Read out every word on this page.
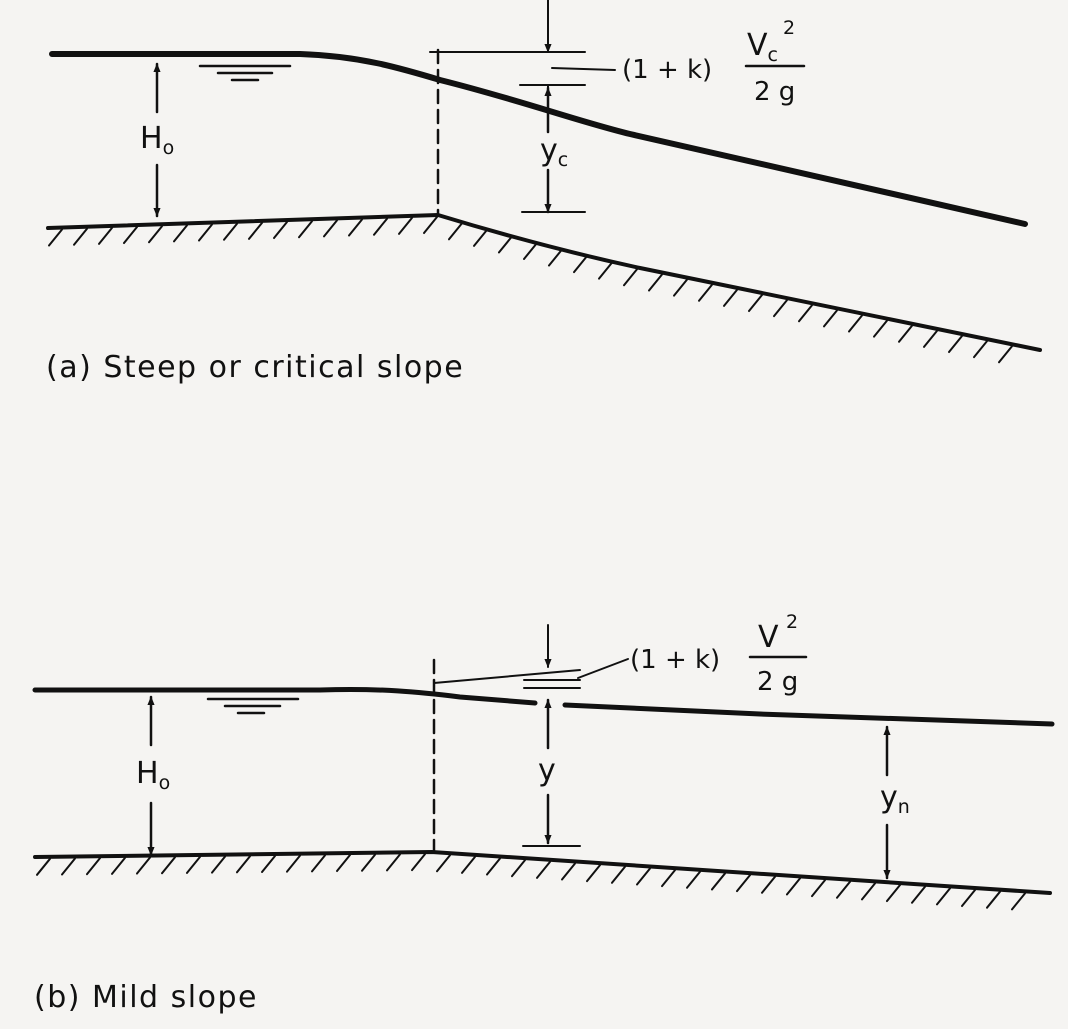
$H_o$	$y_c$
(1 + k)
$V_c$
2
2 g
(a) Steep or critical slope
$H_o$	y
$y_n$
(1 + k)
V 2
2 g
(b) Mild slope
